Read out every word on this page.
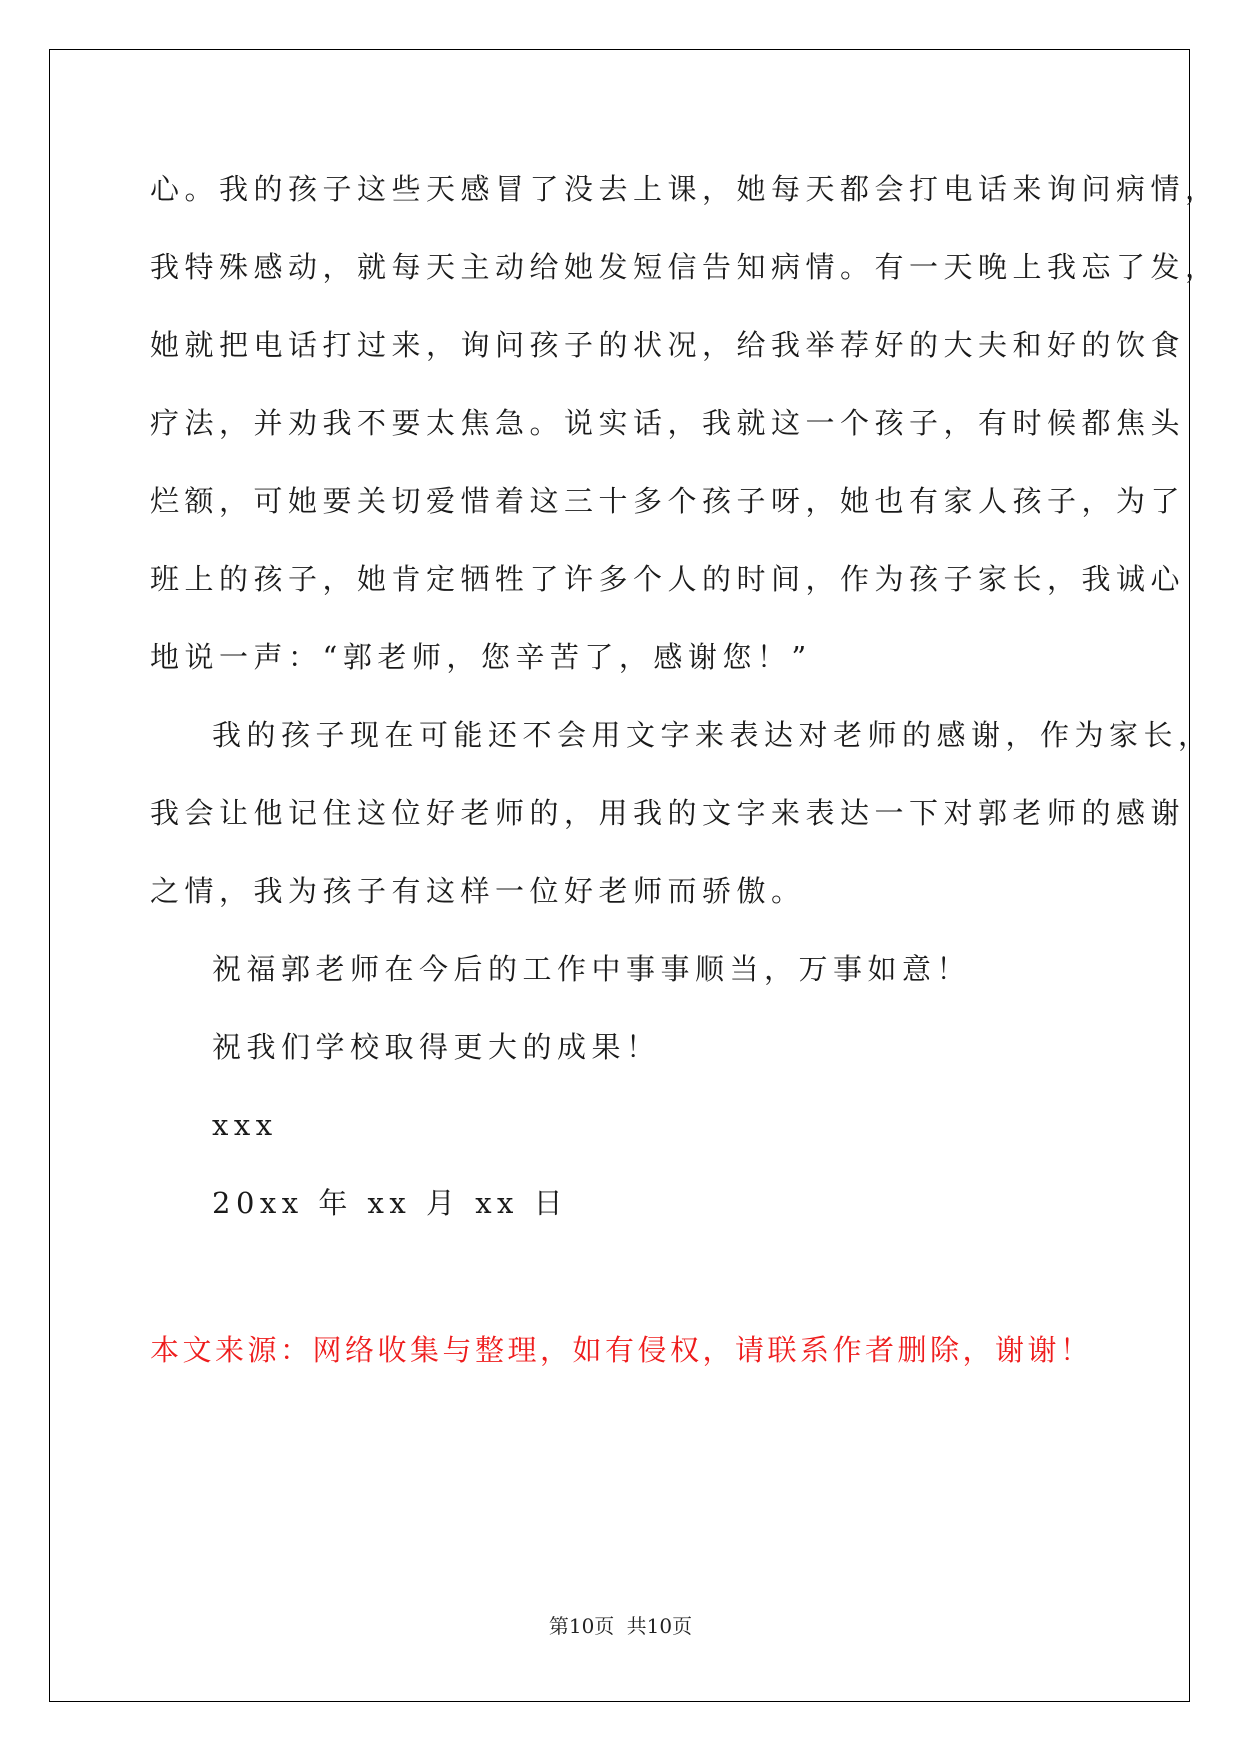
心。我的孩子这些天感冒了没去上课，她每天都会打电话来询问病情，
我特殊感动，就每天主动给她发短信告知病情。有一天晚上我忘了发，
她就把电话打过来，询问孩子的状况，给我举荐好的大夫和好的饮食
疗法，并劝我不要太焦急。说实话，我就这一个孩子，有时候都焦头
烂额，可她要关切爱惜着这三十多个孩子呀，她也有家人孩子，为了
班上的孩子，她肯定牺牲了许多个人的时间，作为孩子家长，我诚心
地说一声：“郭老师，您辛苦了，感谢您！”
我的孩子现在可能还不会用文字来表达对老师的感谢，作为家长，
我会让他记住这位好老师的，用我的文字来表达一下对郭老师的感谢
之情，我为孩子有这样一位好老师而骄傲。
祝福郭老师在今后的工作中事事顺当，万事如意！
祝我们学校取得更大的成果！
xxx
20xx 年 xx 月 xx 日
本文来源：网络收集与整理，如有侵权，请联系作者删除，谢谢！
第10页 共10页
